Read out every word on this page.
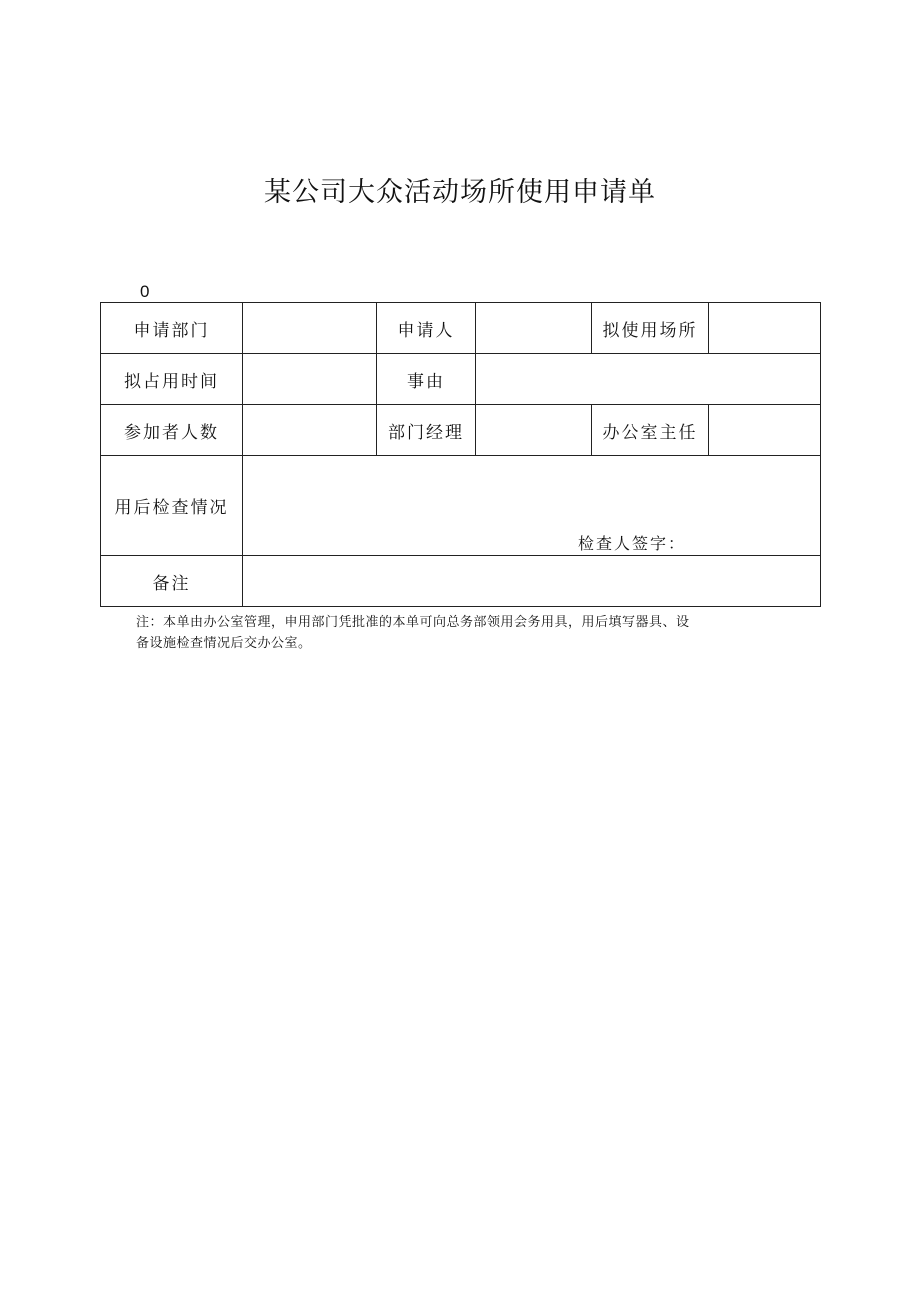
某公司大众活动场所使用申请单
0
申请部门		申请人		拟使用场所	
拟占用时间		事由			
参加者人数		部门经理		办公室主任	
用后检查情况	检查人签字：				

备注					
注：本单由办公室管理，申用部门凭批准的本单可向总务部领用会务用具，用后填写器具、设
备设施检查情况后交办公室。
